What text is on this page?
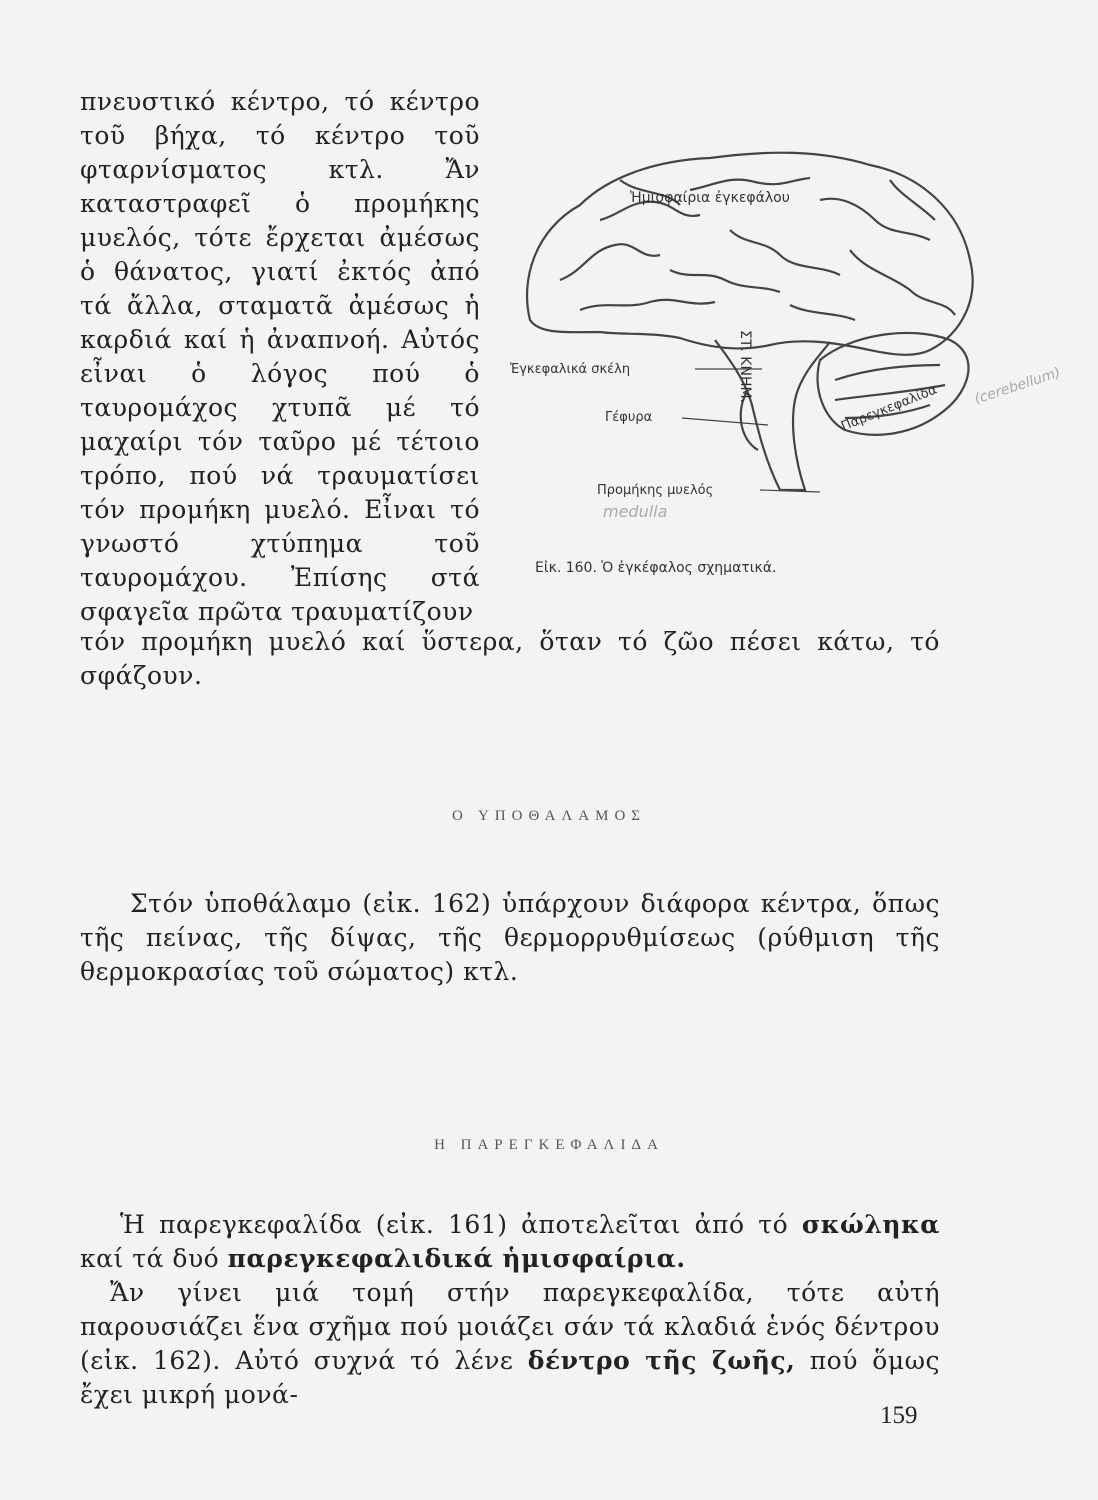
πνευστικό κέντρο, τό κέντρο τοῦ βήχα, τό κέντρο τοῦ φταρνίσματος κτλ. Ἄν καταστραφεῖ ὁ προμήκης μυελός, τότε ἔρχεται ἀμέσως ὁ θάνατος, γιατί ἐκτός ἀπό τά ἄλλα, σταματᾶ ἀμέσως ἡ καρδιά καί ἡ ἀναπνοή. Αὐτός εἶναι ὁ λόγος πού ὁ ταυρομάχος χτυπᾶ μέ τό μαχαίρι τόν ταῦρο μέ τέτοιο τρόπο, πού νά τραυματίσει τόν προμήκη μυελό. Εἶναι τό γνωστό χτύπημα τοῦ ταυρομάχου. Ἐπίσης στά σφαγεῖα πρῶτα τραυματίζουν

Ἡμισφαίρια ἐγκεφάλου
Ἐγκεφαλικά σκέλη
Γέφυρα
Προμήκης μυελός
Παρεγκεφαλίδα
ΣΤ. ΚΝΗΜ.
medulla
(cerebellum)
Εἰκ. 160. Ὁ ἐγκέφαλος σχηματικά.

τόν προμήκη μυελό καί ὕστερα, ὅταν τό ζῶο πέσει κάτω, τό σφάζουν.

Ο ΥΠΟΘΑΛΑΜΟΣ

Στόν ὑποθάλαμο (εἰκ. 162) ὑπάρχουν διάφορα κέντρα, ὅπως τῆς πείνας, τῆς δίψας, τῆς θερμορρυθμίσεως (ρύθμιση τῆς θερμοκρασίας τοῦ σώματος) κτλ.

Η ΠΑΡΕΓΚΕΦΑΛΙΔΑ

Ἡ παρεγκεφαλίδα (εἰκ. 161) ἀποτελεῖται ἀπό τό σκώληκα καί τά δυό παρεγκεφαλιδικά ἡμισφαίρια.

Ἄν γίνει μιά τομή στήν παρεγκεφαλίδα, τότε αὐτή παρουσιάζει ἕνα σχῆμα πού μοιάζει σάν τά κλαδιά ἑνός δέντρου (εἰκ. 162). Αὐτό συχνά τό λένε δέντρο τῆς ζωῆς, πού ὅμως ἔχει μικρή μονά-

159
